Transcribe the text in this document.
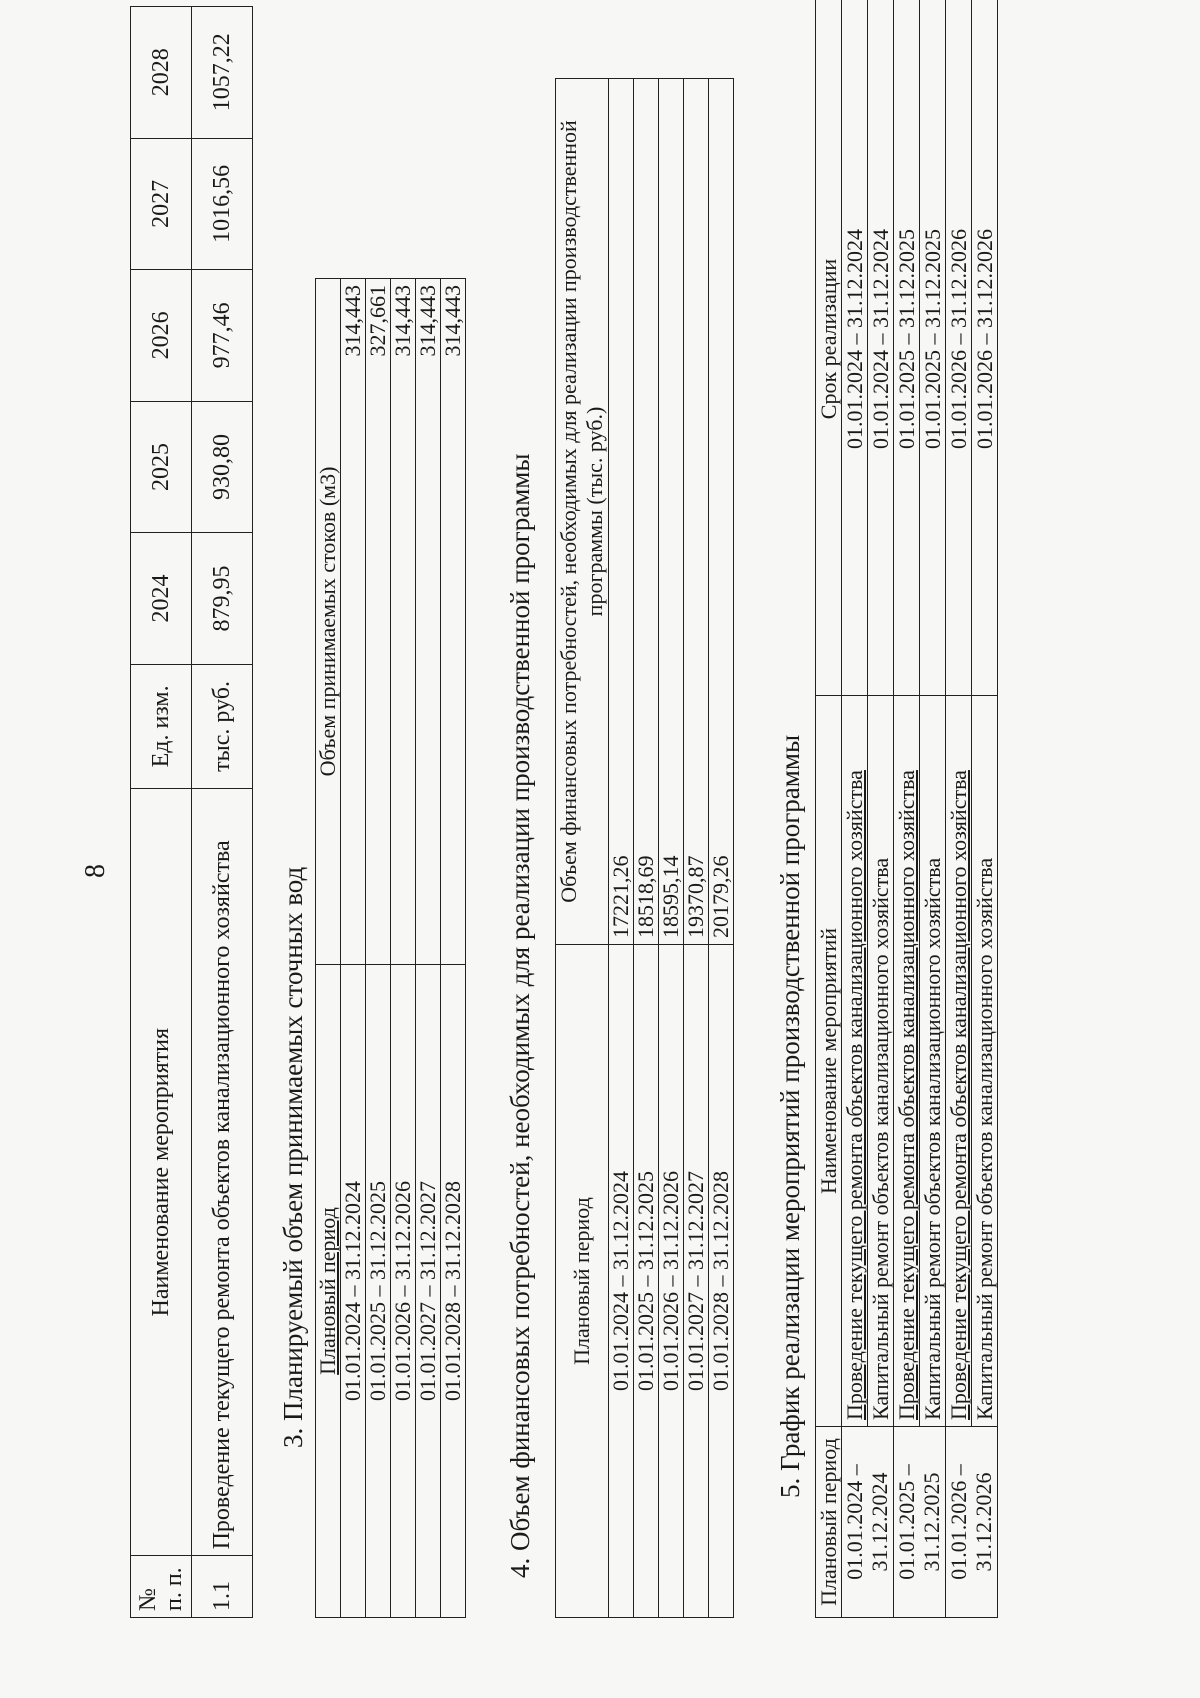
8
№
п. п.	Наименование мероприятия	Ед. изм.	2024	2025	2026	2027	2028
1.1	Проведение текущего ремонта объектов канализационного хозяйства	тыс. руб.	879,95	930,80	977,46	1016,56	1057,22
3. Планируемый объем принимаемых сточных вод Плановый период	Объем принимаемых стоков (м3)
01.01.2024 – 31.12.2024	314,443
01.01.2025 – 31.12.2025	327,661
01.01.2026 – 31.12.2026	314,443
01.01.2027 – 31.12.2027	314,443
01.01.2028 – 31.12.2028	314,443
4. Объем финансовых потребностей, необходимых для реализации производственной программы Плановый период	Объем финансовых потребностей, необходимых для реализации производственной программы (тыс. руб.)
01.01.2024 – 31.12.2024	17221,26
01.01.2025 – 31.12.2025	18518,69
01.01.2026 – 31.12.2026	18595,14
01.01.2027 – 31.12.2027	19370,87
01.01.2028 – 31.12.2028	20179,26 5. График реализации мероприятий производственной программы
Плановый период	Наименование мероприятий	Срок реализации
01.01.2024 – 31.12.2024	Проведение текущего ремонта объектов канализационного хозяйства	01.01.2024 – 31.12.2024
	Капитальный ремонт объектов канализационного хозяйства	01.01.2024 – 31.12.2024
01.01.2025 – 31.12.2025	Проведение текущего ремонта объектов канализационного хозяйства	01.01.2025 – 31.12.2025
	Капитальный ремонт объектов канализационного хозяйства	01.01.2025 – 31.12.2025
01.01.2026 – 31.12.2026	Проведение текущего ремонта объектов канализационного хозяйства	01.01.2026 – 31.12.2026
	Капитальный ремонт объектов канализационного хозяйства	01.01.2026 – 31.12.2026
